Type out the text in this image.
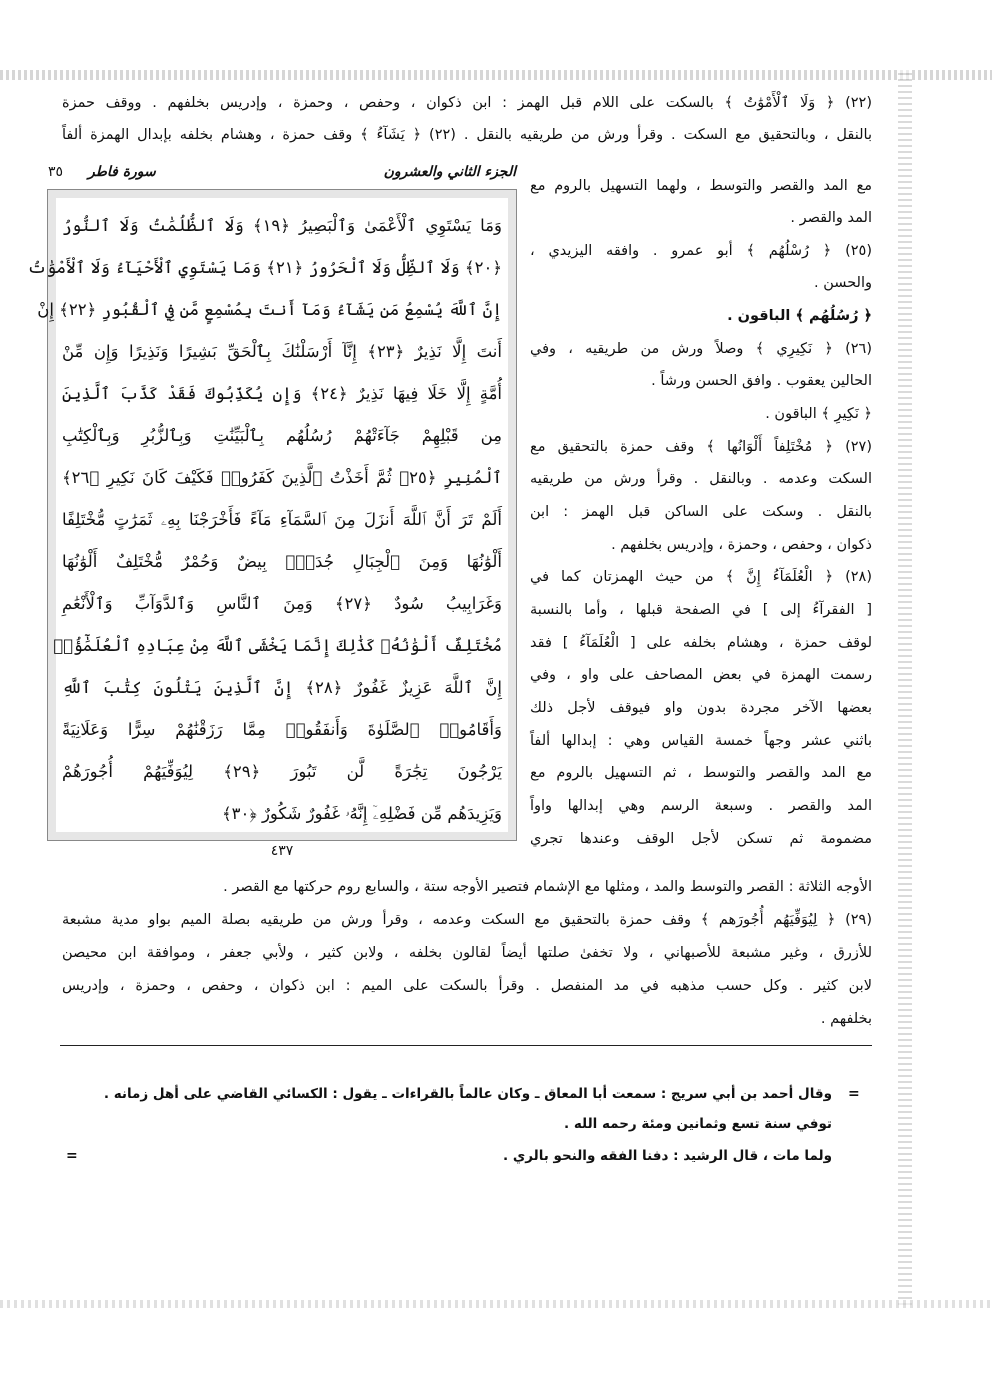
(٢٢) ﴿ وَلَا ٱلْأَمْوَٰتُ ﴾ بالسكت على اللام قبل الهمز : ابن ذكوان ، وحفص ، وحمزة ، وإدريس بخلفهم . ووقف حمزة
بالنقل ، وبالتحقيق مع السكت . وقرأ ورش من طريقيه بالنقل . (٢٢) ﴿ يَشَآءُ ﴾ وقف حمزة ، وهشام بخلفه بإبدال الهمزة ألفاً
الجزء الثاني والعشرون
سورة فاطر
٣٥
وَمَا يَسْتَوِي ٱلْأَعْمَىٰ وَٱلْبَصِيرُ ﴿١٩﴾ وَلَا ٱلظُّلُمَٰتُ وَلَا ٱلنُّورُ
﴿٢٠﴾ وَلَا ٱلظِّلُّ وَلَا ٱلْحَرُورُ ﴿٢١﴾ وَمَا يَسْتَوِي ٱلْأَحْيَآءُ وَلَا ٱلْأَمْوَٰتُ
إِنَّ ٱللَّهَ يُسْمِعُ مَن يَشَآءُ وَمَآ أَنتَ بِمُسْمِعٍ مَّن فِي ٱلْقُبُورِ ﴿٢٢﴾ إِنْ
أَنتَ إِلَّا نَذِيرٌ ﴿٢٣﴾ إِنَّآ أَرْسَلْنَٰكَ بِٱلْحَقِّ بَشِيرًا وَنَذِيرًا وَإِن مِّنْ
أُمَّةٍ إِلَّا خَلَا فِيهَا نَذِيرٌ ﴿٢٤﴾ وَإِن يُكَذِّبُوكَ فَقَدْ كَذَّبَ ٱلَّذِينَ
مِن قَبْلِهِمْ جَآءَتْهُمْ رُسُلُهُم بِٱلْبَيِّنَٰتِ وَبِٱلزُّبُرِ وَبِٱلْكِتَٰبِ
ٱلْمُنِيرِ ﴿٢٥﴾ ثُمَّ أَخَذْتُ ٱلَّذِينَ كَفَرُوا۟ فَكَيْفَ كَانَ نَكِيرِ ﴿٢٦﴾
أَلَمْ تَرَ أَنَّ ٱللَّهَ أَنزَلَ مِنَ ٱلسَّمَآءِ مَآءً فَأَخْرَجْنَا بِهِۦ ثَمَرَٰتٍ مُّخْتَلِفًا
أَلْوَٰنُهَا وَمِنَ ٱلْجِبَالِ جُدَدٌۢ بِيضٌ وَحُمْرٌ مُّخْتَلِفٌ أَلْوَٰنُهَا
وَغَرَابِيبُ سُودٌ ﴿٢٧﴾ وَمِنَ ٱلنَّاسِ وَٱلدَّوَآبِّ وَٱلْأَنْعَٰمِ
مُخْتَلِفٌ أَلْوَٰنُهُۥ كَذَٰلِكَ إِنَّمَا يَخْشَى ٱللَّهَ مِنْ عِبَادِهِ ٱلْعُلَمَٰٓؤُا۟
إِنَّ ٱللَّهَ عَزِيزٌ غَفُورٌ ﴿٢٨﴾ إِنَّ ٱلَّذِينَ يَتْلُونَ كِتَٰبَ ٱللَّهِ
وَأَقَامُوا۟ ٱلصَّلَوٰةَ وَأَنفَقُوا۟ مِمَّا رَزَقْنَٰهُمْ سِرًّا وَعَلَانِيَةً
يَرْجُونَ تِجَٰرَةً لَّن تَبُورَ ﴿٢٩﴾ لِيُوَفِّيَهُمْ أُجُورَهُمْ
وَيَزِيدَهُم مِّن فَضْلِهِۦٓ إِنَّهُۥ غَفُورٌ شَكُورٌ ﴿٣٠﴾
٤٣٧
مع المد والقصر والتوسط ، ولهما التسهيل بالروم مع
المد والقصر .
(٢٥) ﴿ رُسْلُهُم ﴾ أبو عمرو . وافقه اليزيدي ،
والحسن .
﴿ رُسُلُهُم ﴾ الباقون .
(٢٦) ﴿ نَكِيرِي ﴾ وصلاً ورش من طريقيه ، وفي
الحالين يعقوب . وافق الحسن ورشاً .
﴿ نَكِيرِ ﴾ الباقون .
(٢٧) ﴿ مُخْتَلِفاً أَلْوَانُها ﴾ وقف حمزة بالتحقيق مع
السكت وعدمه . وبالنقل . وقرأ ورش من طريقيه
بالنقل . وسكت على الساكن قبل الهمز : ابن
ذكوان ، وحفص ، وحمزة ، وإدريس بخلفهم .
(٢٨) ﴿ الْعُلَمَآءُ إِنَّ ﴾ من حيث الهمزتان كما في
[ الفقرآءُ إلى ] في الصفحة قبلها ، وأما بالنسبة
لوقف حمزة ، وهشام بخلفه على [ الْعُلَمَآءُ ] فقد
رسمت الهمزة في بعض المصاحف على واو ، وفي
بعضها الآخر مجردة بدون واو فيوقف لأجل ذلك
باثني عشر وجهاً خمسة القياس وهي : إبدالها ألفاً
مع المد والقصر والتوسط ، ثم التسهيل بالروم مع
المد والقصر . وسبعة الرسم وهي إبدالها واواً
مضمومة ثم تسكن لأجل الوقف وعندها تجري
الأوجه الثلاثة : القصر والتوسط والمد ، ومثلها مع الإشمام فتصير الأوجه ستة ، والسابع روم حركتها مع القصر .
(٢٩) ﴿ لِيُوَفِّيَهُم أُجُورَهم ﴾ وقف حمزة بالتحقيق مع السكت وعدمه ، وقرأ ورش من طريقيه بصلة الميم بواو مدية مشبعة
للأزرق ، وغير مشبعة للأصبهاني ، ولا تخفىٰ صلتها أيضاً لقالون بخلفه ، ولابن كثير ، ولأبي جعفر ، وموافقة ابن محيصن
لابن كثير . وكل حسب مذهبه في مد المنفصل . وقرأ بالسكت على الميم : ابن ذكوان ، وحفص ، وحمزة ، وإدريس
بخلفهم .
=
وقال أحمد بن أبي سريج : سمعت أبا المعاق ـ وكان عالماً بالقراءات ـ يقول : الكسائي القاضي على أهل زمانه .
توفي سنة تسع وثمانين ومئة رحمه الله .
ولما مات ، قال الرشيد : دفنا الفقه والنحو بالري .
=
